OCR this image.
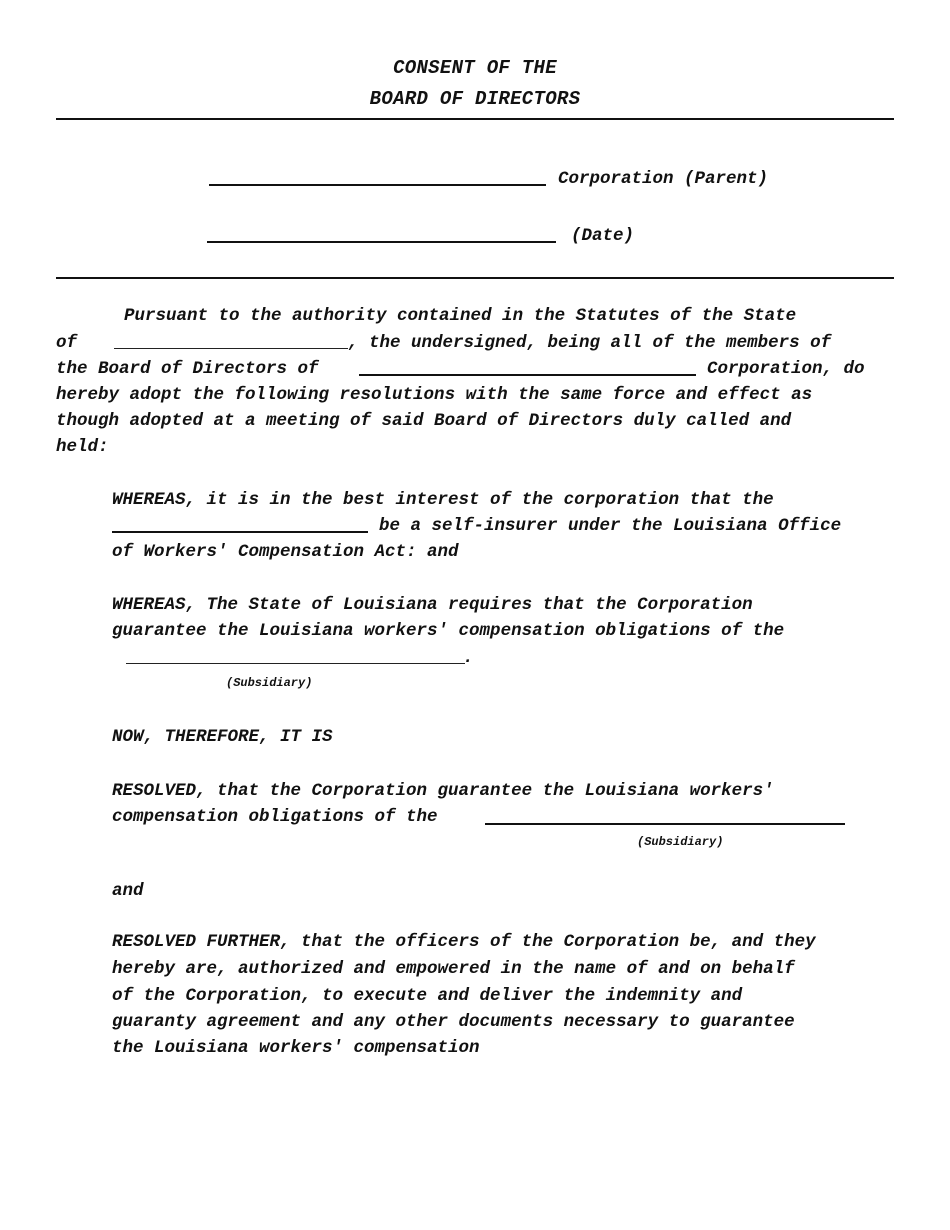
CONSENT OF THE
BOARD OF DIRECTORS
Corporation (Parent)
(Date)
Pursuant to the authority contained in the Statutes of the State
of	, the undersigned, being all of the members of
the Board of Directors of	Corporation, do
hereby adopt the following resolutions with the same force and effect as
though adopted at a meeting of said Board of Directors duly called and
held:
WHEREAS, it is in the best interest of the corporation that the
be a self-insurer under the Louisiana Office
of Workers' Compensation Act: and
WHEREAS, The State of Louisiana requires that the Corporation
guarantee the Louisiana workers' compensation obligations of the
.
(Subsidiary)
NOW, THEREFORE, IT IS
RESOLVED, that the Corporation guarantee the Louisiana workers'
compensation obligations of the
(Subsidiary)
and
RESOLVED FURTHER, that the officers of the Corporation be, and they
hereby are, authorized and empowered in the name of and on behalf
of the Corporation, to execute and deliver the indemnity and
guaranty agreement and any other documents necessary to guarantee
the Louisiana workers' compensation
